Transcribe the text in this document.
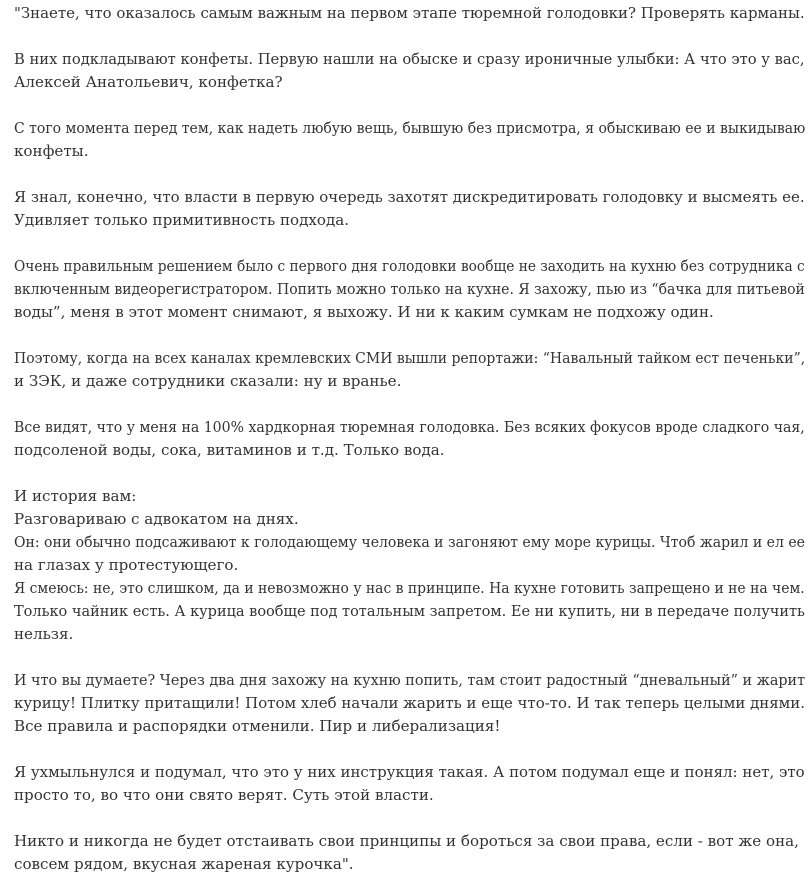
"Знаете, что оказалось самым важным на первом этапе тюремной голодовки? Проверять карманы.

В них подкладывают конфеты. Первую нашли на обыске и сразу ироничные улыбки: А что это у вас,

Алексей Анатольевич, конфетка?

С того момента перед тем, как надеть любую вещь, бывшую без присмотра, я обыскиваю ее и выкидываю

конфеты.

Я знал, конечно, что власти в первую очередь захотят дискредитировать голодовку и высмеять ее.

Удивляет только примитивность подхода.

Очень правильным решением было с первого дня голодовки вообще не заходить на кухню без сотрудника с
включенным видеорегистратором. Попить можно только на кухне. Я захожу, пью из “бачка для питьевой

воды”, меня в этот момент снимают, я выхожу. И ни к каким сумкам не подхожу один.

Поэтому, когда на всех каналах кремлевских СМИ вышли репортажи: “Навальный тайком ест печеньки”,

и ЗЭК, и даже сотрудники сказали: ну и вранье.

Все видят, что у меня на 100% хардкорная тюремная голодовка. Без всяких фокусов вроде сладкого чая,

подсоленой воды, сока, витаминов и т.д. Только вода.

И история вам:
Разговариваю с адвокатом на днях.
Он: они обычно подсаживают к голодающему человека и загоняют ему море курицы. Чтоб жарил и ел ее

на глазах у протестующего.
Я смеюсь: не, это слишком, да и невозможно у нас в принципе. На кухне готовить запрещено и не на чем.
Только чайник есть. А курица вообще под тотальным запретом. Ее ни купить, ни в передаче получить

нельзя.

И что вы думаете? Через два дня захожу на кухню попить, там стоит радостный “дневальный” и жарит
курицу! Плитку притащили! Потом хлеб начали жарить и еще что-то. И так теперь целыми днями.

Все правила и распорядки отменили. Пир и либерализация!

Я ухмыльнулся и подумал, что это у них инструкция такая. А потом подумал еще и понял: нет, это

просто то, во что они свято верят. Суть этой власти.

Никто и никогда не будет отстаивать свои принципы и бороться за свои права, если - вот же она,
совсем рядом, вкусная жареная курочка".
